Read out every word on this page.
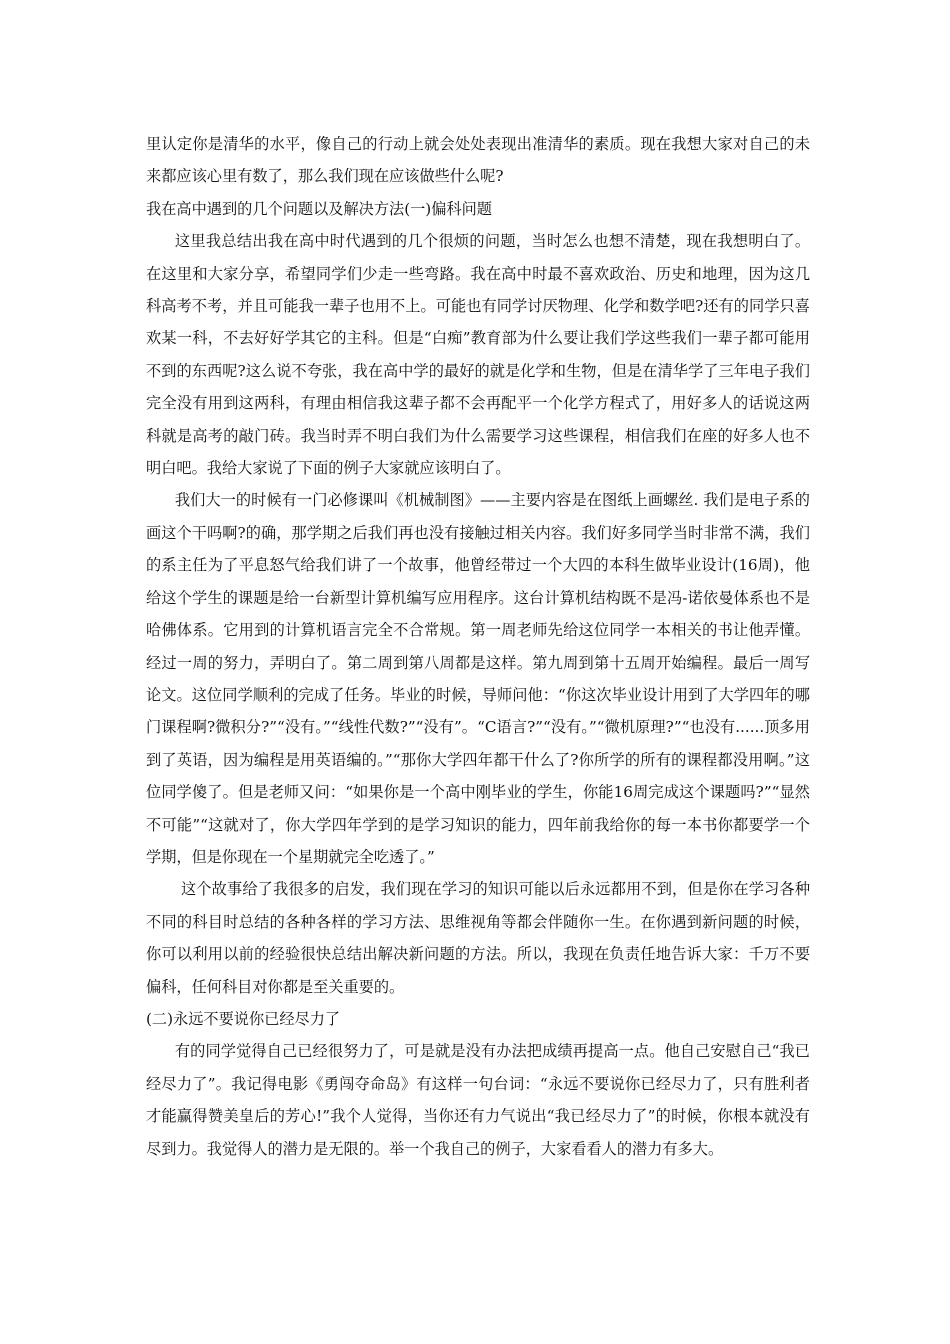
里认定你是清华的水平，像自己的行动上就会处处表现出准清华的素质。现在我想大家对自己的未来都应该心里有数了，那么我们现在应该做些什么呢?

我在高中遇到的几个问题以及解决方法(一)偏科问题

这里我总结出我在高中时代遇到的几个很烦的问题，当时怎么也想不清楚，现在我想明白了。在这里和大家分享，希望同学们少走一些弯路。我在高中时最不喜欢政治、历史和地理，因为这几科高考不考，并且可能我一辈子也用不上。可能也有同学讨厌物理、化学和数学吧?还有的同学只喜欢某一科，不去好好学其它的主科。但是“白痴”教育部为什么要让我们学这些我们一辈子都可能用不到的东西呢?这么说不夸张，我在高中学的最好的就是化学和生物，但是在清华学了三年电子我们完全没有用到这两科，有理由相信我这辈子都不会再配平一个化学方程式了，用好多人的话说这两科就是高考的敲门砖。我当时弄不明白我们为什么需要学习这些课程，相信我们在座的好多人也不明白吧。我给大家说了下面的例子大家就应该明白了。

我们大一的时候有一门必修课叫《机械制图》——主要内容是在图纸上画螺丝. 我们是电子系的画这个干吗啊?的确，那学期之后我们再也没有接触过相关内容。我们好多同学当时非常不满，我们的系主任为了平息怒气给我们讲了一个故事，他曾经带过一个大四的本科生做毕业设计(16周)，他给这个学生的课题是给一台新型计算机编写应用程序。这台计算机结构既不是冯-诺依曼体系也不是哈佛体系。它用到的计算机语言完全不合常规。第一周老师先给这位同学一本相关的书让他弄懂。经过一周的努力，弄明白了。第二周到第八周都是这样。第九周到第十五周开始编程。最后一周写论文。这位同学顺利的完成了任务。毕业的时候，导师问他：“你这次毕业设计用到了大学四年的哪门课程啊?微积分?”“没有。”“线性代数?”“没有”。“C语言?”“没有。”“微机原理?”“也没有......顶多用到了英语，因为编程是用英语编的。”“那你大学四年都干什么了?你所学的所有的课程都没用啊。”这位同学傻了。但是老师又问：“如果你是一个高中刚毕业的学生，你能16周完成这个课题吗?”“显然不可能”“这就对了，你大学四年学到的是学习知识的能力，四年前我给你的每一本书你都要学一个学期，但是你现在一个星期就完全吃透了。”

这个故事给了我很多的启发，我们现在学习的知识可能以后永远都用不到，但是你在学习各种不同的科目时总结的各种各样的学习方法、思维视角等都会伴随你一生。在你遇到新问题的时候，你可以利用以前的经验很快总结出解决新问题的方法。所以，我现在负责任地告诉大家：千万不要偏科，任何科目对你都是至关重要的。

(二)永远不要说你已经尽力了

有的同学觉得自己已经很努力了，可是就是没有办法把成绩再提高一点。他自己安慰自己“我已经尽力了”。我记得电影《勇闯夺命岛》有这样一句台词：“永远不要说你已经尽力了，只有胜利者才能赢得赞美皇后的芳心!”我个人觉得，当你还有力气说出“我已经尽力了”的时候，你根本就没有尽到力。我觉得人的潜力是无限的。举一个我自己的例子，大家看看人的潜力有多大。
